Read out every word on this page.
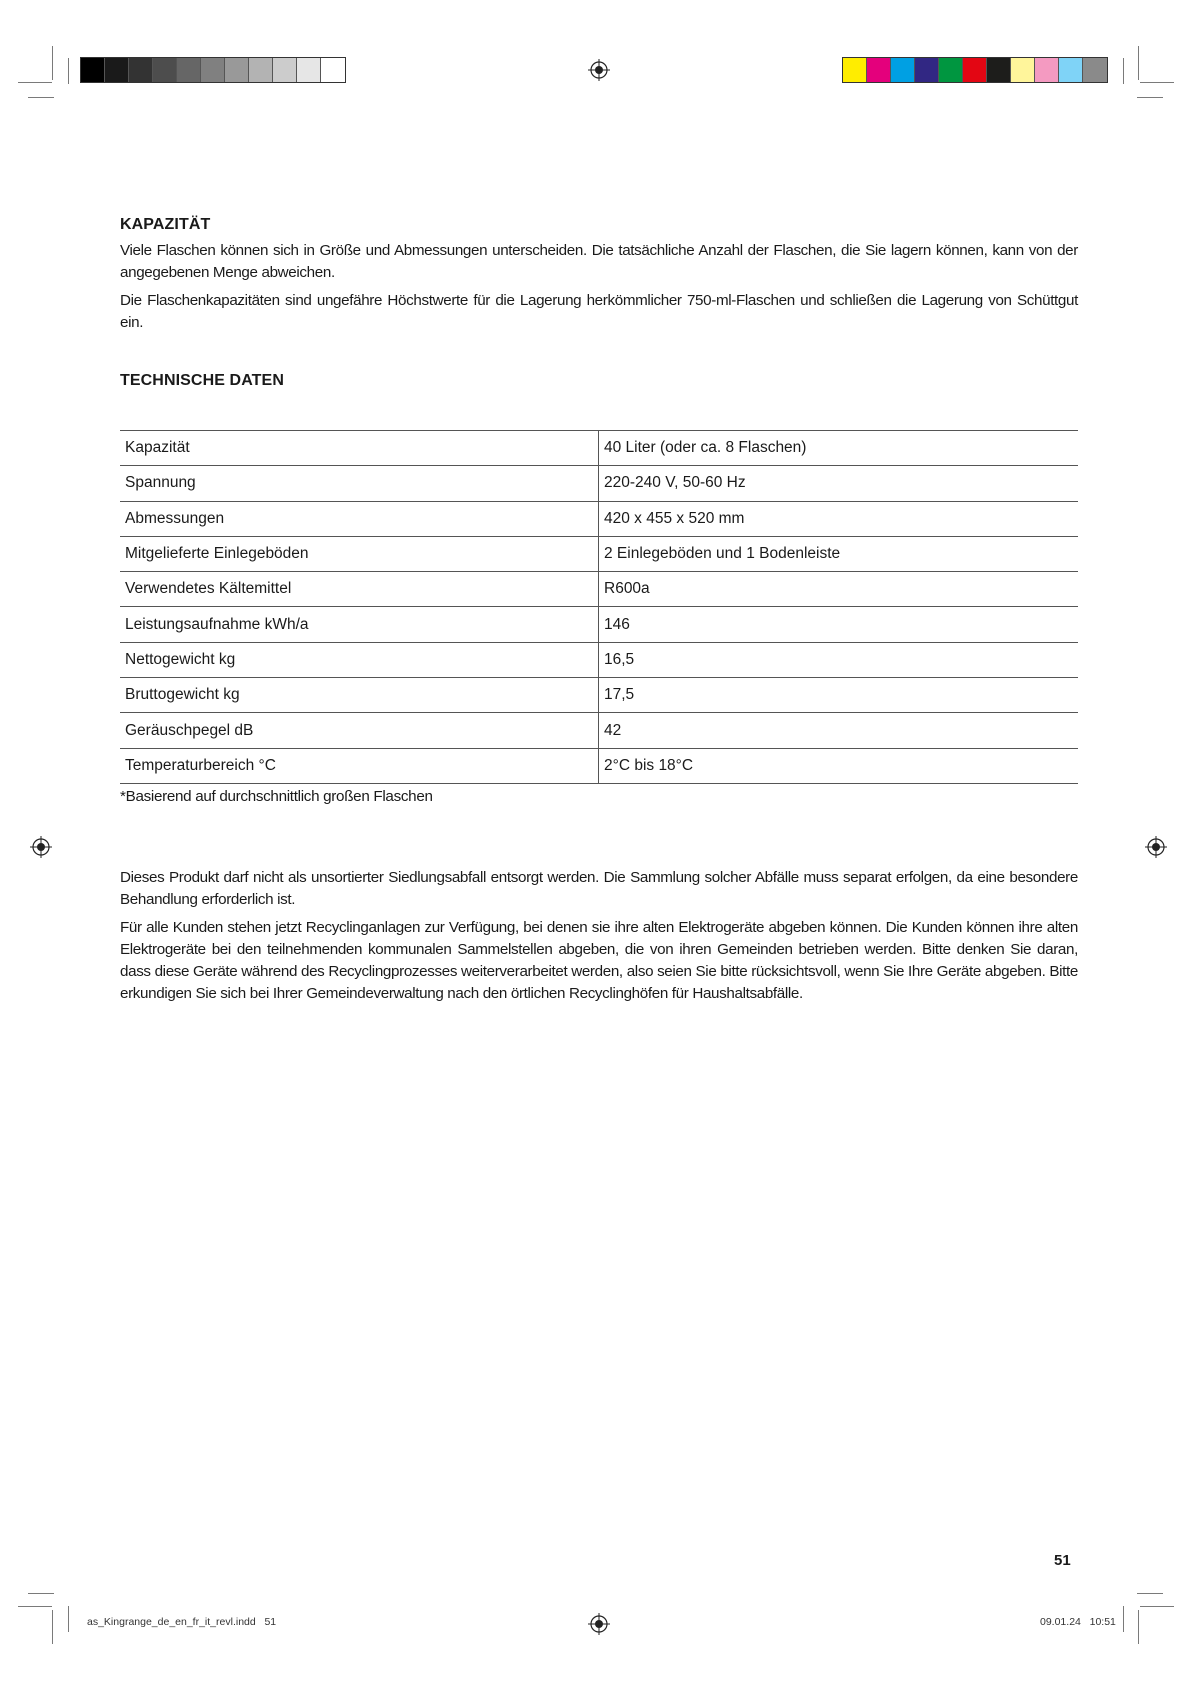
KAPAZITÄT

Viele Flaschen können sich in Größe und Abmessungen unterscheiden. Die tatsächliche Anzahl der Flaschen, die Sie lagern können, kann von der angegebenen Menge abweichen.

Die Flaschenkapazitäten sind ungefähre Höchstwerte für die Lagerung herkömmlicher 750-ml-Flaschen und schließen die Lagerung von Schüttgut ein.

TECHNISCHE DATEN
Kapazität	40 Liter (oder ca. 8 Flaschen)
Spannung	220-240 V, 50-60 Hz
Abmessungen	420 x 455 x 520 mm
Mitgelieferte Einlegeböden	2 Einlegeböden und 1 Bodenleiste
Verwendetes Kältemittel	R600a
Leistungsaufnahme kWh/a	146
Nettogewicht kg	16,5
Bruttogewicht kg	17,5
Geräuschpegel dB	42
Temperaturbereich °C	2°C bis 18°C
*Basierend auf durchschnittlich großen Flaschen

Dieses Produkt darf nicht als unsortierter Siedlungsabfall entsorgt werden. Die Sammlung solcher Abfälle muss separat erfolgen, da eine besondere Behandlung erforderlich ist.

Für alle Kunden stehen jetzt Recyclinganlagen zur Verfügung, bei denen sie ihre alten Elektrogeräte abgeben können. Die Kunden können ihre alten Elektrogeräte bei den teilnehmenden kommunalen Sammelstellen abgeben, die von ihren Gemeinden betrieben werden. Bitte denken Sie daran, dass diese Geräte während des Recyclingprozesses weiterverarbeitet werden, also seien Sie bitte rücksichtsvoll, wenn Sie Ihre Geräte abgeben. Bitte erkundigen Sie sich bei Ihrer Gemeindeverwaltung nach den örtlichen Recyclinghöfen für Haushaltsabfälle.

51
as_Kingrange_de_en_fr_it_revl.indd   51	09.01.24   10:51
